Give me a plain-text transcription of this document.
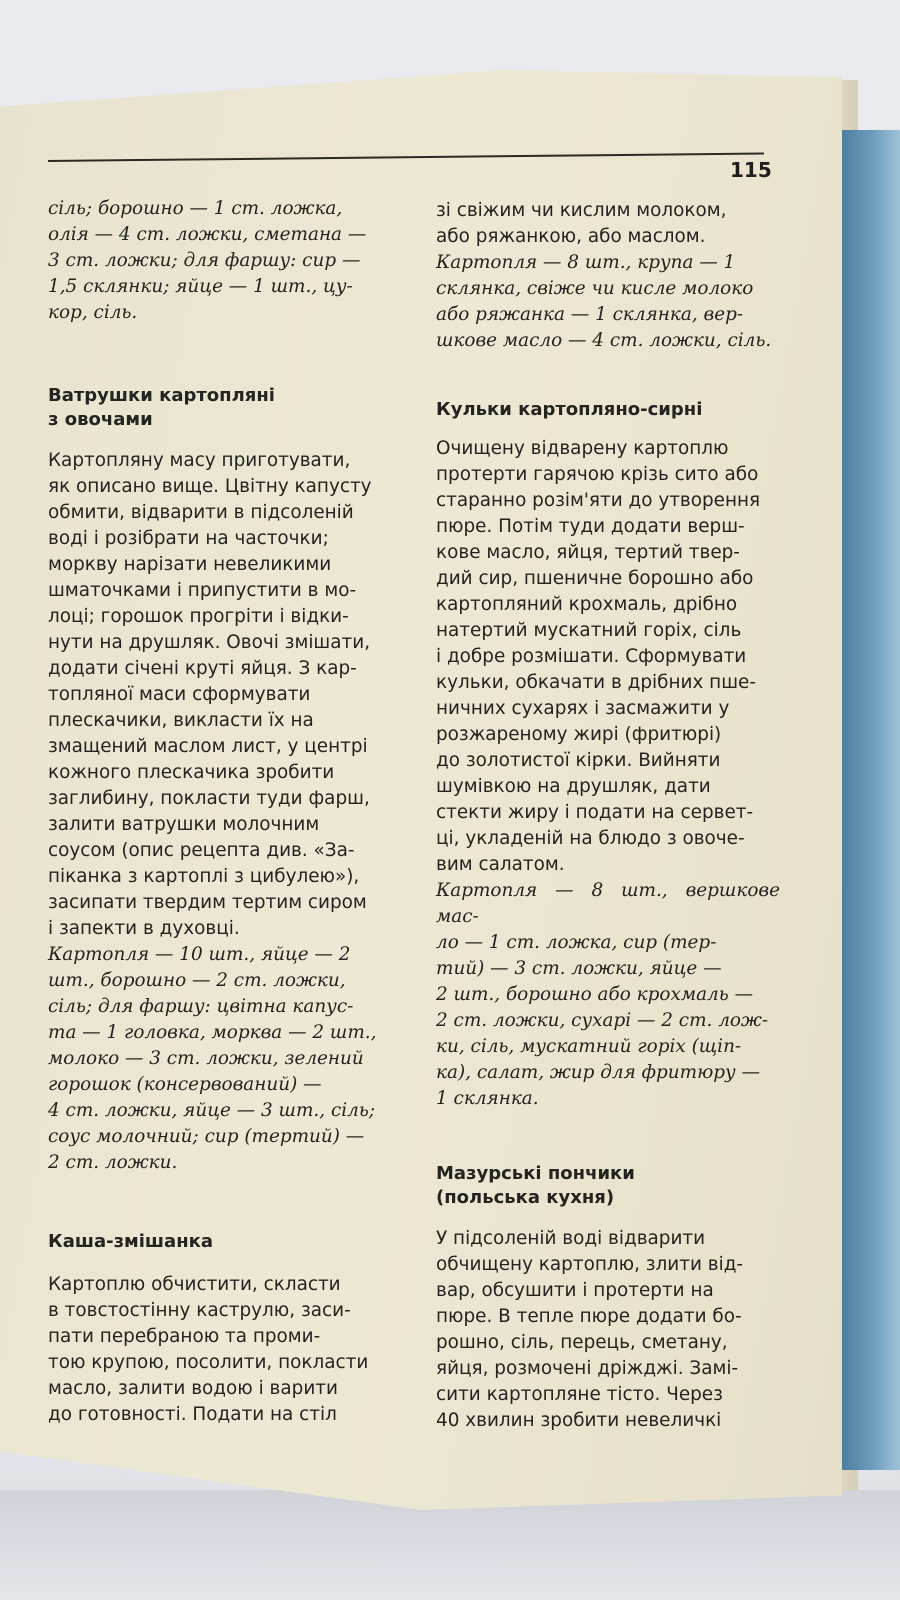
115

сіль; борошно — 1 ст. ложка,
олія — 4 ст. ложки, сметана —
3 ст. ложки; для фаршу: сир —
1,5 склянки; яйце — 1 шт., цу-
кор, сіль.

Ватрушки картопляні
з овочами

Картопляну масу приготувати,
як описано вище. Цвітну капусту
обмити, відварити в підсоленій
воді і розібрати на часточки;
моркву нарізати невеликими
шматочками і припустити в мо-
лоці; горошок прогріти і відки-
нути на друшляк. Овочі змішати,
додати січені круті яйця. З кар-
топляної маси сформувати
плескачики, викласти їх на
змащений маслом лист, у центрі
кожного плескачика зробити
заглибину, покласти туди фарш,
залити ватрушки молочним
соусом (опис рецепта див. «За-
піканка з картоплі з цибулею»),
засипати твердим тертим сиром
і запекти в духовці.

Картопля — 10 шт., яйце — 2
шт., борошно — 2 ст. ложки,
сіль; для фаршу: цвітна капус-
та — 1 головка, морква — 2 шт.,
молоко — 3 ст. ложки, зелений
горошок (консервований) —
4 ст. ложки, яйце — 3 шт., сіль;
соус молочний; сир (тертий) —
2 ст. ложки.

Каша-змішанка

Картоплю обчистити, скласти
в товстостінну каструлю, заси-
пати перебраною та проми-
тою крупою, посолити, покласти
масло, залити водою і варити
до готовності. Подати на стіл

зі свіжим чи кислим молоком,
або ряжанкою, або маслом.

Картопля — 8 шт., крупа — 1
склянка, свіже чи кисле молоко
або ряжанка — 1 склянка, вер-
шкове масло — 4 ст. ложки, сіль.

Кульки картопляно-сирні

Очищену відварену картоплю
протерти гарячою крізь сито або
старанно розім'яти до утворення
пюре. Потім туди додати верш-
кове масло, яйця, тертий твер-
дий сир, пшеничне борошно або
картопляний крохмаль, дрібно
натертий мускатний горіх, сіль
і добре розмішати. Сформувати
кульки, обкачати в дрібних пше-
ничних сухарях і засмажити у
розжареному жирі (фритюрі)
до золотистої кірки. Вийняти
шумівкою на друшляк, дати
стекти жиру і подати на сервет-
ці, укладеній на блюдо з овоче-
вим салатом.

Картопля — 8 шт., вершкове мас-
ло — 1 ст. ложка, сир (тер-
тий) — 3 ст. ложки, яйце —
2 шт., борошно або крохмаль —
2 ст. ложки, сухарі — 2 ст. лож-
ки, сіль, мускатний горіх (щіп-
ка), салат, жир для фритюру —
1 склянка.

Мазурські пончики
(польська кухня)

У підсоленій воді відварити
обчищену картоплю, злити від-
вар, обсушити і протерти на
пюре. В тепле пюре додати бо-
рошно, сіль, перець, сметану,
яйця, розмочені дріжджі. Замі-
сити картопляне тісто. Через
40 хвилин зробити невеличкі
